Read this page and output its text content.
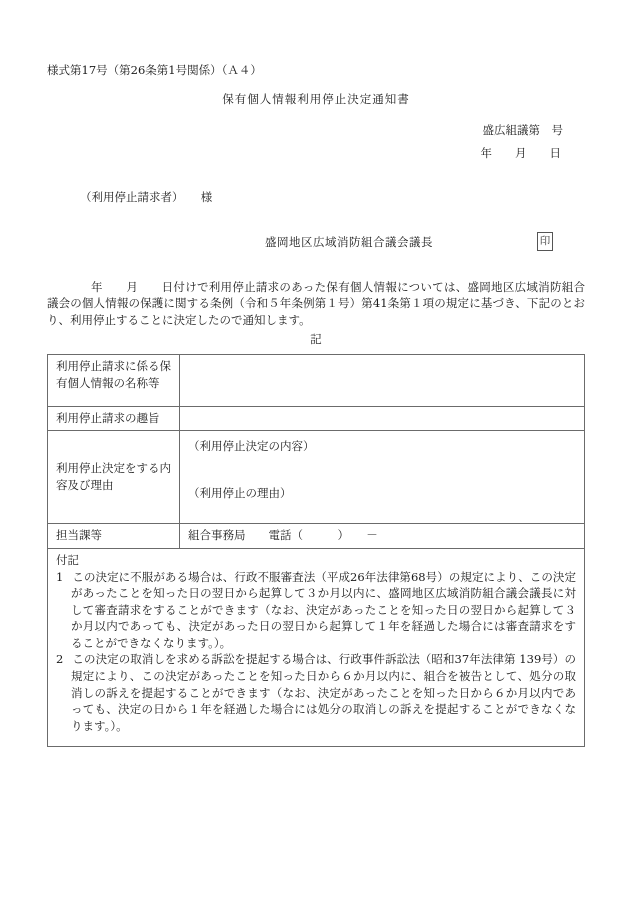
様式第17号（第26条第1号関係）（Ａ４）
保有個人情報利用停止決定通知書
盛広組議第　号
年　　月　　日
（利用停止請求者）　　様
盛岡地区広域消防組合議会議長	印
年　　月　　日付けで利用停止請求のあった保有個人情報については、盛岡地区広域消防組合議会の個人情報の保護に関する条例（令和５年条例第１号）第41条第１項の規定に基づき、下記のとおり、利用停止することに決定したので通知します。
記
利用停止請求に係る保有個人情報の名称等	
利用停止請求の趣旨	
利用停止決定をする内容及び理由	（利用停止決定の内容）
（利用停止の理由）

担当課等	組合事務局　　電話（　　　）　　－

付記
1 この決定に不服がある場合は、行政不服審査法（平成26年法律第68号）の規定により、この決定があったことを知った日の翌日から起算して３か月以内に、盛岡地区広域消防組合議会議長に対して審査請求をすることができます（なお、決定があったことを知った日の翌日から起算して３か月以内であっても、決定があった日の翌日から起算して１年を経過した場合には審査請求をすることができなくなります。）。
2 この決定の取消しを求める訴訟を提起する場合は、行政事件訴訟法（昭和37年法律第 139号）の規定により、この決定があったことを知った日から６か月以内に、組合を被告として、処分の取消しの訴えを提起することができます（なお、決定があったことを知った日から６か月以内であっても、決定の日から１年を経過した場合には処分の取消しの訴えを提起することができなくなります。）。	
